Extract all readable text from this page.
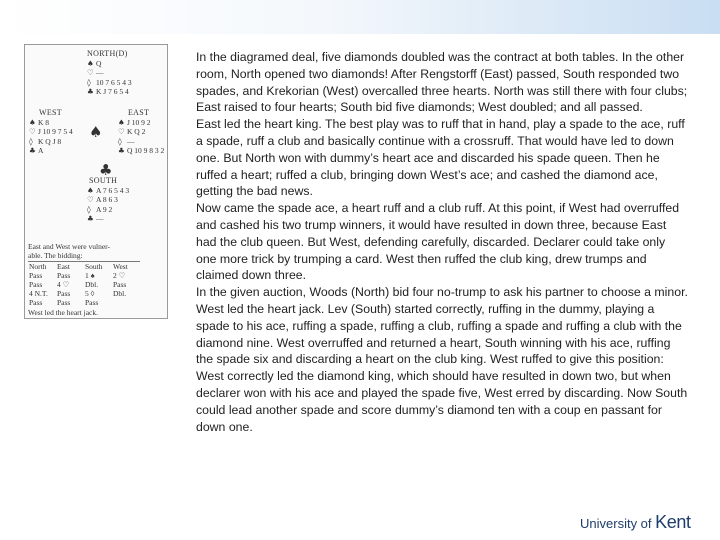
NORTH(D)
♠ Q
♡ —
◊ 10 7 6 5 4 3
♣ K J 7 6 5 4
WEST
♠ K 8
♡ J 10 9 7 5 4
◊ K Q J 8
♣ A
EAST
♠ J 10 9 2
♡ K Q 2
◊ —
♣ Q 10 9 8 3 2
♠
♣
SOUTH
♠ A 7 6 5 4 3
♡ A 8 6 3
◊ A 9 2
♣ —
East and West were vulner-
able. The bidding:
North	East	South	West
Pass	Pass	1 ♠	2 ♡
Pass	4 ♡	Dbl.	Pass
4 N.T.	Pass	5 ◊	Dbl.
Pass	Pass	Pass	
West led the heart jack.

In the diagramed deal, five diamonds doubled was the contract at both tables. In the other room, North opened two diamonds! After Rengstorff (East) passed, South responded two spades, and Krekorian (West) overcalled three hearts. North was still there with four clubs; East raised to four hearts; South bid five diamonds; West doubled; and all passed.

East led the heart king. The best play was to ruff that in hand, play a spade to the ace, ruff a spade, ruff a club and basically continue with a crossruff. That would have led to down one. But North won with dummy’s heart ace and discarded his spade queen. Then he ruffed a heart; ruffed a club, bringing down West’s ace; and cashed the diamond ace, getting the bad news.

Now came the spade ace, a heart ruff and a club ruff. At this point, if West had overruffed and cashed his two trump winners, it would have resulted in down three, because East had the club queen. But West, defending carefully, discarded. Declarer could take only one more trick by trumping a card. West then ruffed the club king, drew trumps and claimed down three.

In the given auction, Woods (North) bid four no-trump to ask his partner to choose a minor.

West led the heart jack. Lev (South) started correctly, ruffing in the dummy, playing a spade to his ace, ruffing a spade, ruffing a club, ruffing a spade and ruffing a club with the diamond nine. West overruffed and returned a heart, South winning with his ace, ruffing the spade six and discarding a heart on the club king. West ruffed to give this position:

West correctly led the diamond king, which should have resulted in down two, but when declarer won with his ace and played the spade five, West erred by discarding. Now South could lead another spade and score dummy’s diamond ten with a coup en passant for down one.

University of Kent
